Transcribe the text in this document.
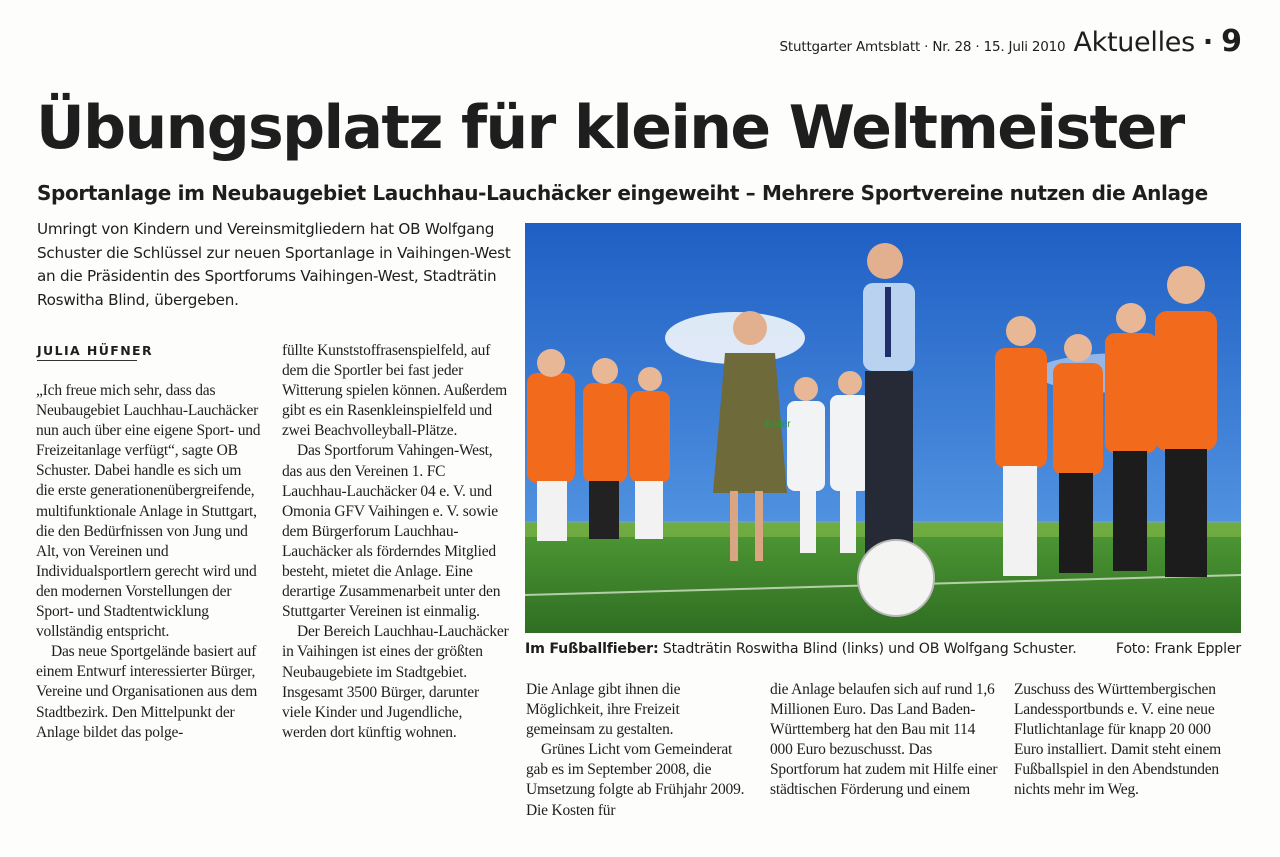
Stuttgarter Amtsblatt · Nr. 28 · 15. Juli 2010 Aktuelles · 9
Übungsplatz für kleine Weltmeister
Sportanlage im Neubaugebiet Lauchhau-Lauchäcker eingeweiht – Mehrere Sportvereine nutzen die Anlage

Umringt von Kindern und Vereinsmitgliedern hat OB Wolfgang Schuster die Schlüssel zur neuen Sportanlage in Vaihingen-West an die Präsidentin des Sportforums Vaihingen-West, Stadträtin Roswitha Blind, übergeben.

JULIA HÜFNER
Baller
Im Fußballfieber: Stadträtin Roswitha Blind (links) und OB Wolfgang Schuster.	Foto: Frank Eppler

„Ich freue mich sehr, dass das Neubaugebiet Lauchhau-Lauchäcker nun auch über eine eigene Sport- und Freizeitanlage verfügt“, sagte OB Schuster. Dabei handle es sich um die erste generationenübergreifende, multifunktionale Anlage in Stuttgart, die den Bedürfnissen von Jung und Alt, von Vereinen und Individualsportlern gerecht wird und den modernen Vorstellungen der Sport- und Stadtentwicklung vollständig entspricht.

Das neue Sportgelände basiert auf einem Entwurf interessierter Bürger, Vereine und Organisationen aus dem Stadtbezirk. Den Mittelpunkt der Anlage bildet das polge-

füllte Kunststoffrasenspielfeld, auf dem die Sportler bei fast jeder Witterung spielen können. Außerdem gibt es ein Rasenkleinspielfeld und zwei Beachvolleyball-Plätze.

Das Sportforum Vahingen-West, das aus den Vereinen 1. FC Lauchhau-Lauchäcker 04 e. V. und Omonia GFV Vaihingen e. V. sowie dem Bürgerforum Lauchhau-Lauchäcker als förderndes Mitglied besteht, mietet die Anlage. Eine derartige Zusammenarbeit unter den Stuttgarter Vereinen ist einmalig.

Der Bereich Lauchhau-Lauchäcker in Vaihingen ist eines der größten Neubaugebiete im Stadtgebiet. Insgesamt 3500 Bürger, darunter viele Kinder und Jugendliche, werden dort künftig wohnen.

Die Anlage gibt ihnen die Möglichkeit, ihre Freizeit gemeinsam zu gestalten.

Grünes Licht vom Gemeinderat gab es im September 2008, die Umsetzung folgte ab Frühjahr 2009. Die Kosten für

die Anlage belaufen sich auf rund 1,6 Millionen Euro. Das Land Baden-Württemberg hat den Bau mit 114 000 Euro bezuschusst. Das Sportforum hat zudem mit Hilfe einer städtischen Förderung und einem

Zuschuss des Württembergischen Landessportbunds e. V. eine neue Flutlichtanlage für knapp 20 000 Euro installiert. Damit steht einem Fußballspiel in den Abendstunden nichts mehr im Weg.
